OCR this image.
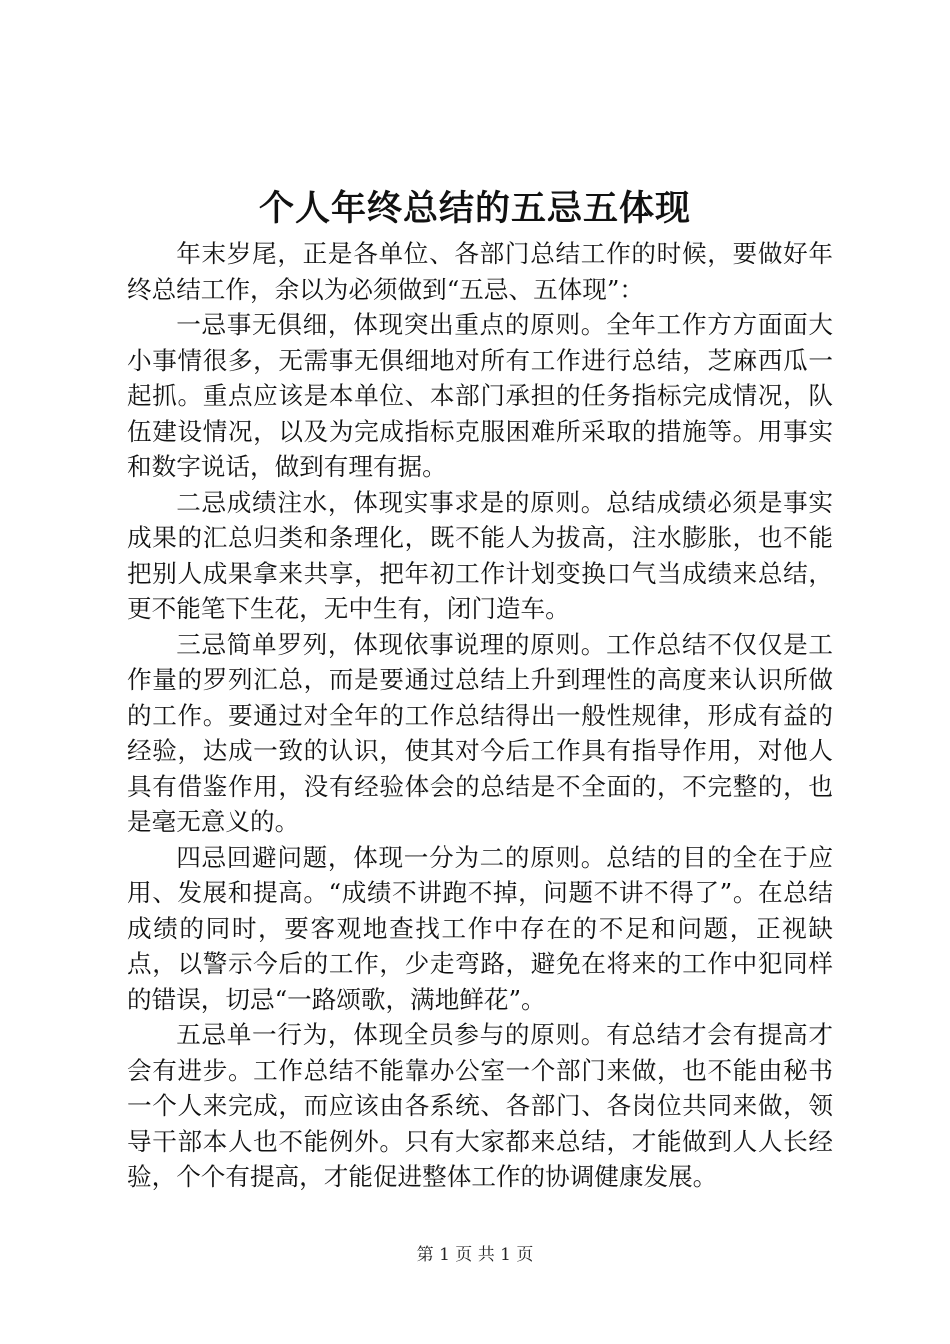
个人年终总结的五忌五体现

年末岁尾，正是各单位、各部门总结工作的时候，要做好年终总结工作，余以为必须做到“五忌、五体现”：

一忌事无俱细，体现突出重点的原则。全年工作方方面面大小事情很多，无需事无俱细地对所有工作进行总结，芝麻西瓜一起抓。重点应该是本单位、本部门承担的任务指标完成情况，队伍建设情况，以及为完成指标克服困难所采取的措施等。用事实和数字说话，做到有理有据。

二忌成绩注水，体现实事求是的原则。总结成绩必须是事实成果的汇总归类和条理化，既不能人为拔高，注水膨胀，也不能把别人成果拿来共享，把年初工作计划变换口气当成绩来总结，更不能笔下生花，无中生有，闭门造车。

三忌简单罗列，体现依事说理的原则。工作总结不仅仅是工作量的罗列汇总，而是要通过总结上升到理性的高度来认识所做的工作。要通过对全年的工作总结得出一般性规律，形成有益的经验，达成一致的认识，使其对今后工作具有指导作用，对他人具有借鉴作用，没有经验体会的总结是不全面的，不完整的，也是毫无意义的。

四忌回避问题，体现一分为二的原则。总结的目的全在于应用、发展和提高。“成绩不讲跑不掉，问题不讲不得了”。在总结成绩的同时，要客观地查找工作中存在的不足和问题，正视缺点，以警示今后的工作，少走弯路，避免在将来的工作中犯同样的错误，切忌“一路颂歌，满地鲜花”。

五忌单一行为，体现全员参与的原则。有总结才会有提高才会有进步。工作总结不能靠办公室一个部门来做，也不能由秘书一个人来完成，而应该由各系统、各部门、各岗位共同来做，领导干部本人也不能例外。只有大家都来总结，才能做到人人长经验，个个有提高，才能促进整体工作的协调健康发展。

第 1 页 共 1 页
